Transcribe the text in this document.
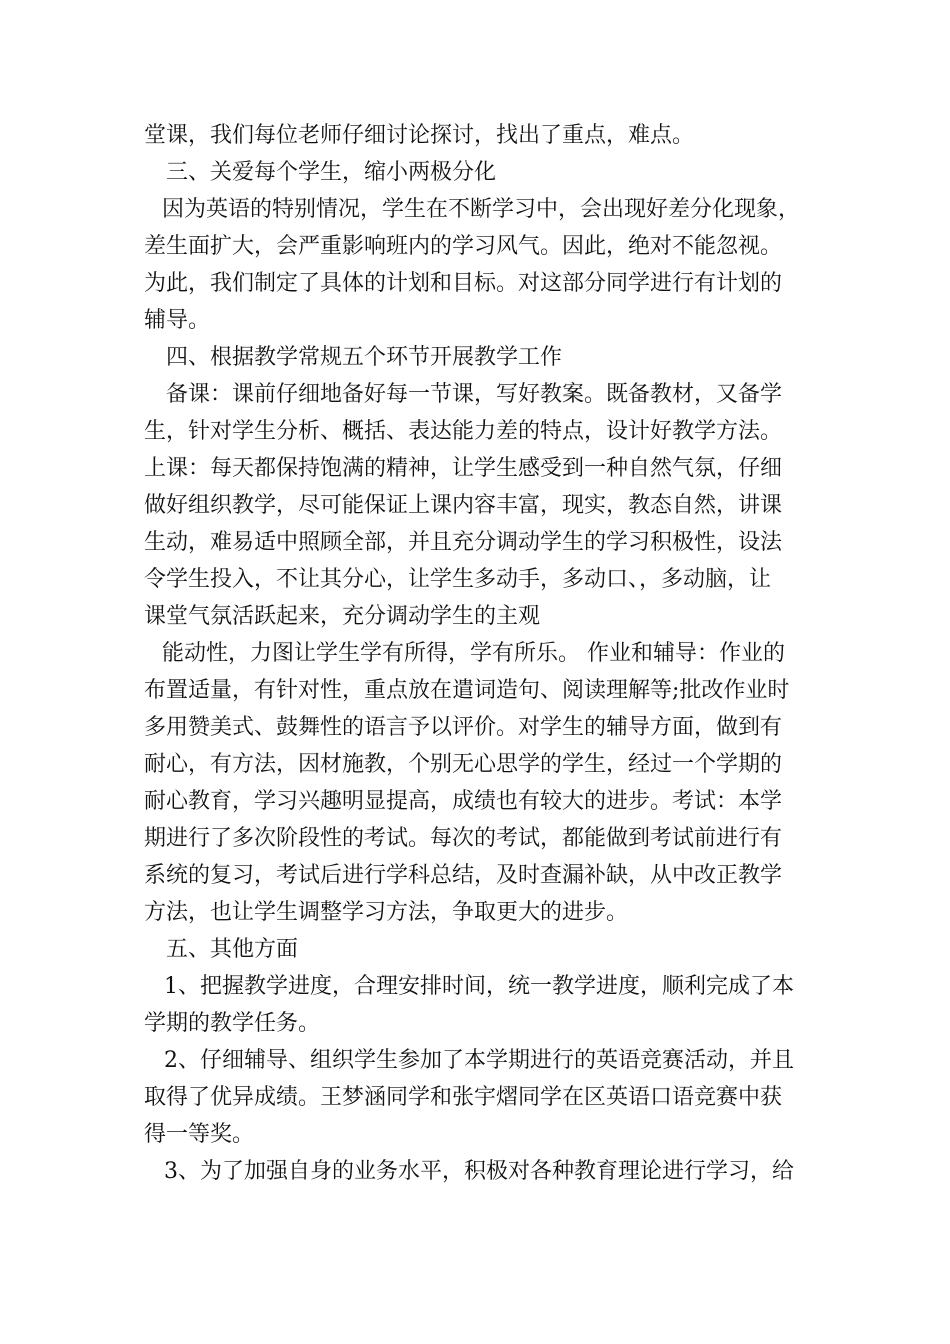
堂课，我们每位老师仔细讨论探讨，找出了重点，难点。
三、关爱每个学生，缩小两极分化
因为英语的特别情况，学生在不断学习中，会出现好差分化现象，
差生面扩大，会严重影响班内的学习风气。因此，绝对不能忽视。
为此，我们制定了具体的计划和目标。对这部分同学进行有计划的
辅导。
四、根据教学常规五个环节开展教学工作
备课：课前仔细地备好每一节课，写好教案。既备教材，又备学
生，针对学生分析、概括、表达能力差的特点，设计好教学方法。
上课：每天都保持饱满的精神，让学生感受到一种自然气氛，仔细
做好组织教学，尽可能保证上课内容丰富，现实，教态自然，讲课
生动，难易适中照顾全部，并且充分调动学生的学习积极性，设法
令学生投入，不让其分心，让学生多动手，多动口、，多动脑，让
课堂气氛活跃起来，充分调动学生的主观
能动性，力图让学生学有所得，学有所乐。 作业和辅导：作业的
布置适量，有针对性，重点放在遣词造句、阅读理解等;批改作业时
多用赞美式、鼓舞性的语言予以评价。对学生的辅导方面，做到有
耐心，有方法，因材施教，个别无心思学的学生，经过一个学期的
耐心教育，学习兴趣明显提高，成绩也有较大的进步。考试：本学
期进行了多次阶段性的考试。每次的考试，都能做到考试前进行有
系统的复习，考试后进行学科总结，及时查漏补缺，从中改正教学
方法，也让学生调整学习方法，争取更大的进步。
五、其他方面
1、把握教学进度，合理安排时间，统一教学进度，顺利完成了本
学期的教学任务。
2、仔细辅导、组织学生参加了本学期进行的英语竞赛活动，并且
取得了优异成绩。王梦涵同学和张宇熠同学在区英语口语竞赛中获
得一等奖。
3、为了加强自身的业务水平，积极对各种教育理论进行学习，给
